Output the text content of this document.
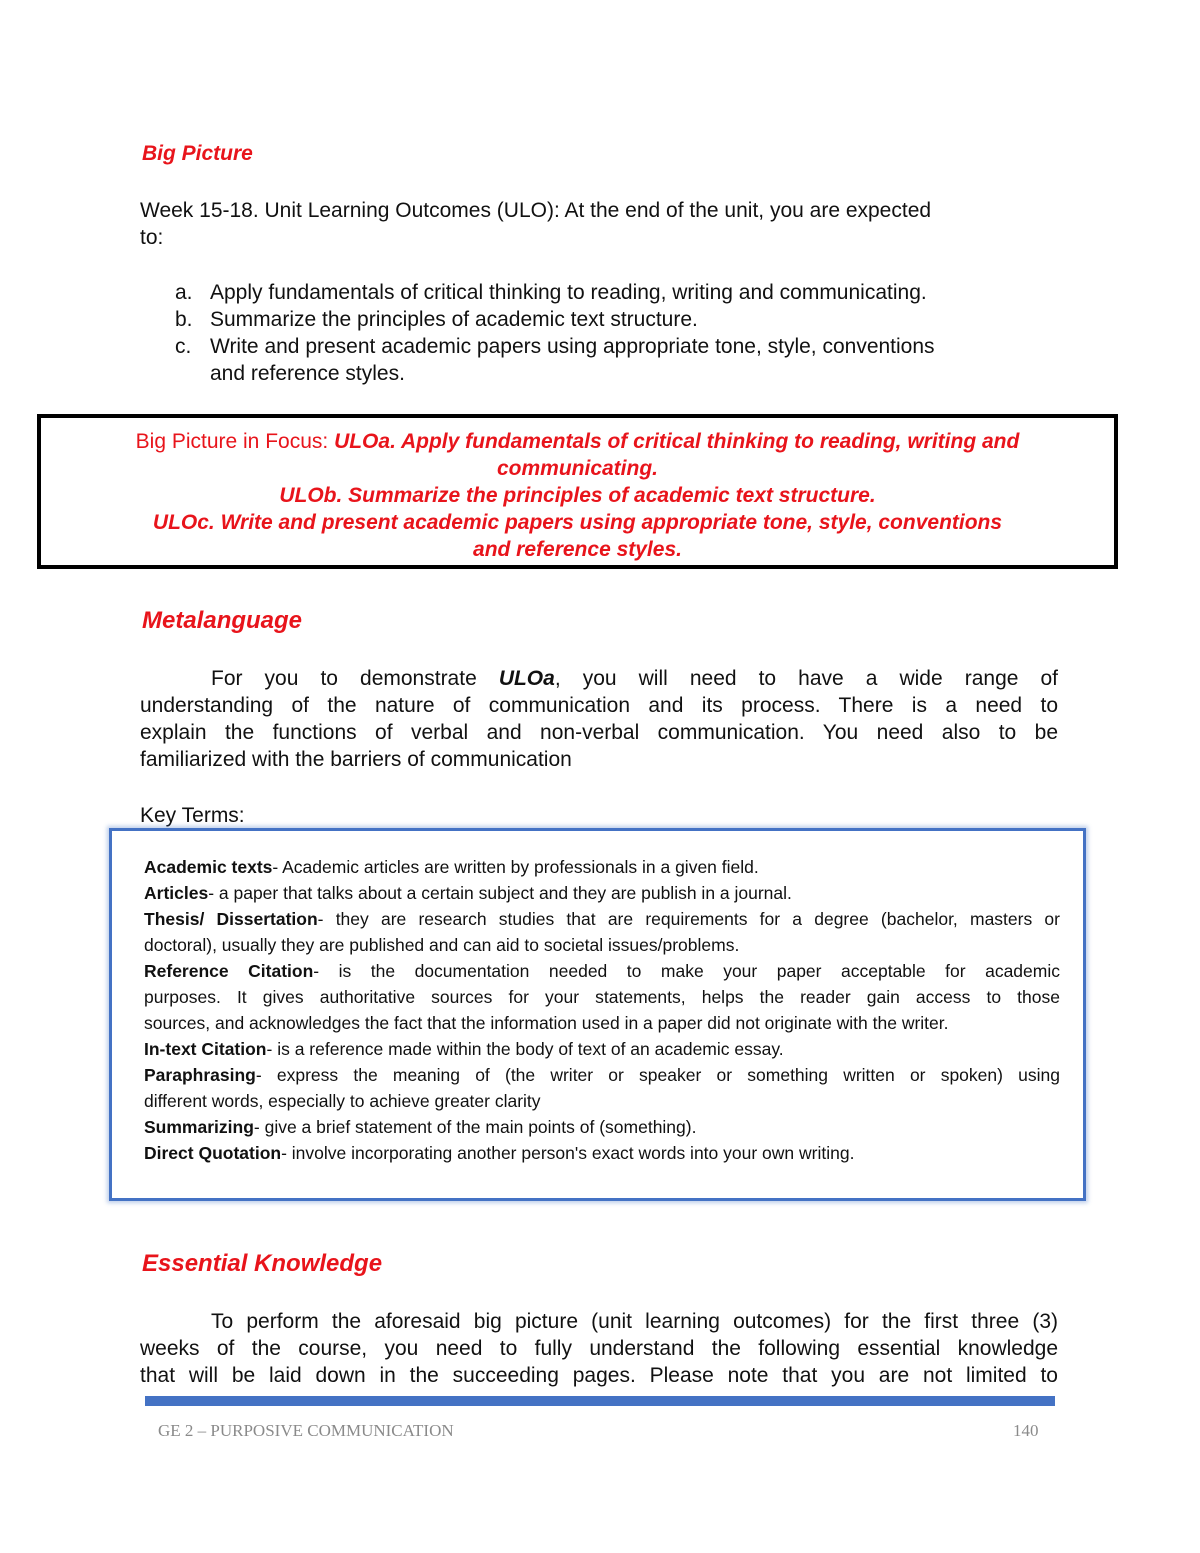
Big Picture
Week 15-18. Unit Learning Outcomes (ULO): At the end of the unit, you are expected
to:
a. Apply fundamentals of critical thinking to reading, writing and communicating.
b. Summarize the principles of academic text structure.
c. Write and present academic papers using appropriate tone, style, conventions
and reference styles.
Big Picture in Focus: ULOa. Apply fundamentals of critical thinking to reading, writing and
communicating.
ULOb. Summarize the principles of academic text structure.
ULOc. Write and present academic papers using appropriate tone, style, conventions
and reference styles.
Metalanguage
For you to demonstrate ULOa, you will need to have a wide range of
understanding of the nature of communication and its process. There is a need to
explain the functions of verbal and non-verbal communication. You need also to be
familiarized with the barriers of communication
Key Terms:
Academic texts- Academic articles are written by professionals in a given field.
Articles- a paper that talks about a certain subject and they are publish in a journal.
Thesis/ Dissertation- they are research studies that are requirements for a degree (bachelor, masters or
doctoral), usually they are published and can aid to societal issues/problems.
Reference Citation- is the documentation needed to make your paper acceptable for academic
purposes. It gives authoritative sources for your statements, helps the reader gain access to those
sources, and acknowledges the fact that the information used in a paper did not originate with the writer.
In-text Citation- is a reference made within the body of text of an academic essay.
Paraphrasing- express the meaning of (the writer or speaker or something written or spoken) using
different words, especially to achieve greater clarity
Summarizing- give a brief statement of the main points of (something).
Direct Quotation- involve incorporating another person's exact words into your own writing.
Essential Knowledge
To perform the aforesaid big picture (unit learning outcomes) for the first three (3)
weeks of the course, you need to fully understand the following essential knowledge
that will be laid down in the succeeding pages. Please note that you are not limited to
GE 2 – PURPOSIVE COMMUNICATION	140
